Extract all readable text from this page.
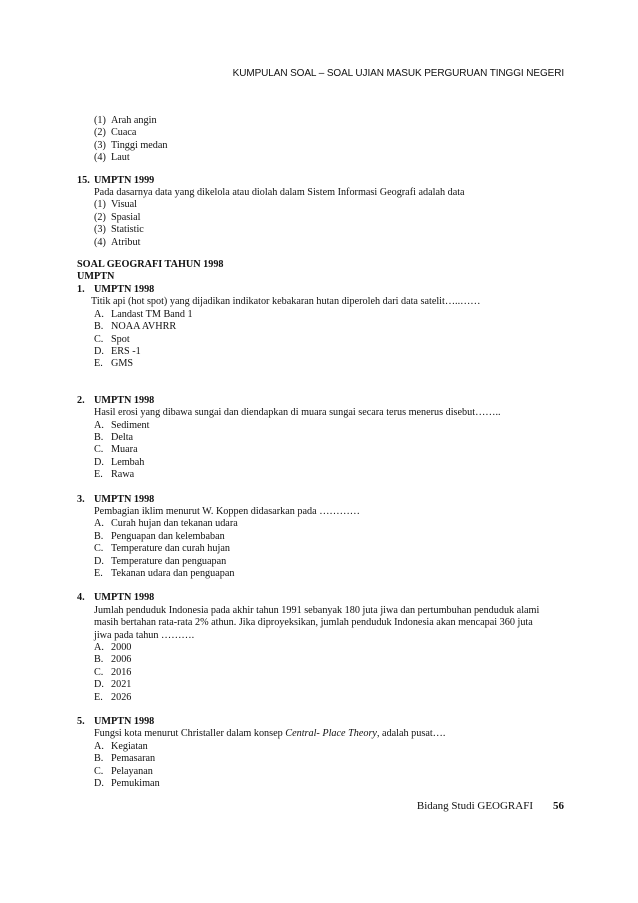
KUMPULAN SOAL – SOAL UJIAN MASUK PERGURUAN TINGGI NEGERI
(1) Arah angin
(2) Cuaca
(3) Tinggi medan
(4) Laut
15. UMPTN 1999
Pada dasarnya data yang dikelola atau diolah dalam Sistem Informasi Geografi adalah data
(1) Visual
(2) Spasial
(3) Statistic
(4) Atribut
SOAL GEOGRAFI TAHUN 1998
UMPTN
1. UMPTN 1998
Titik api (hot spot) yang dijadikan indikator kebakaran hutan diperoleh dari data satelit…..……
A. Landast TM Band 1
B. NOAA AVHRR
C. Spot
D. ERS -1
E. GMS
2. UMPTN 1998
Hasil erosi yang dibawa sungai dan diendapkan di muara sungai secara terus menerus disebut……..
A. Sediment
B. Delta
C. Muara
D. Lembah
E. Rawa
3. UMPTN 1998
Pembagian iklim menurut W. Koppen didasarkan pada …………
A. Curah hujan dan tekanan udara
B. Penguapan dan kelembaban
C. Temperature dan curah hujan
D. Temperature dan penguapan
E. Tekanan udara dan penguapan
4. UMPTN 1998
Jumlah penduduk Indonesia pada akhir tahun 1991 sebanyak 180 juta jiwa dan pertumbuhan penduduk alami
masih bertahan rata-rata 2% athun. Jika diproyeksikan, jumlah penduduk Indonesia akan mencapai 360 juta
jiwa pada tahun ……….
A. 2000
B. 2006
C. 2016
D. 2021
E. 2026
5. UMPTN 1998
Fungsi kota menurut Christaller dalam konsep Central- Place Theory, adalah pusat….
A. Kegiatan
B. Pemasaran
C. Pelayanan
D. Pemukiman
Bidang Studi GEOGRAFI 56
